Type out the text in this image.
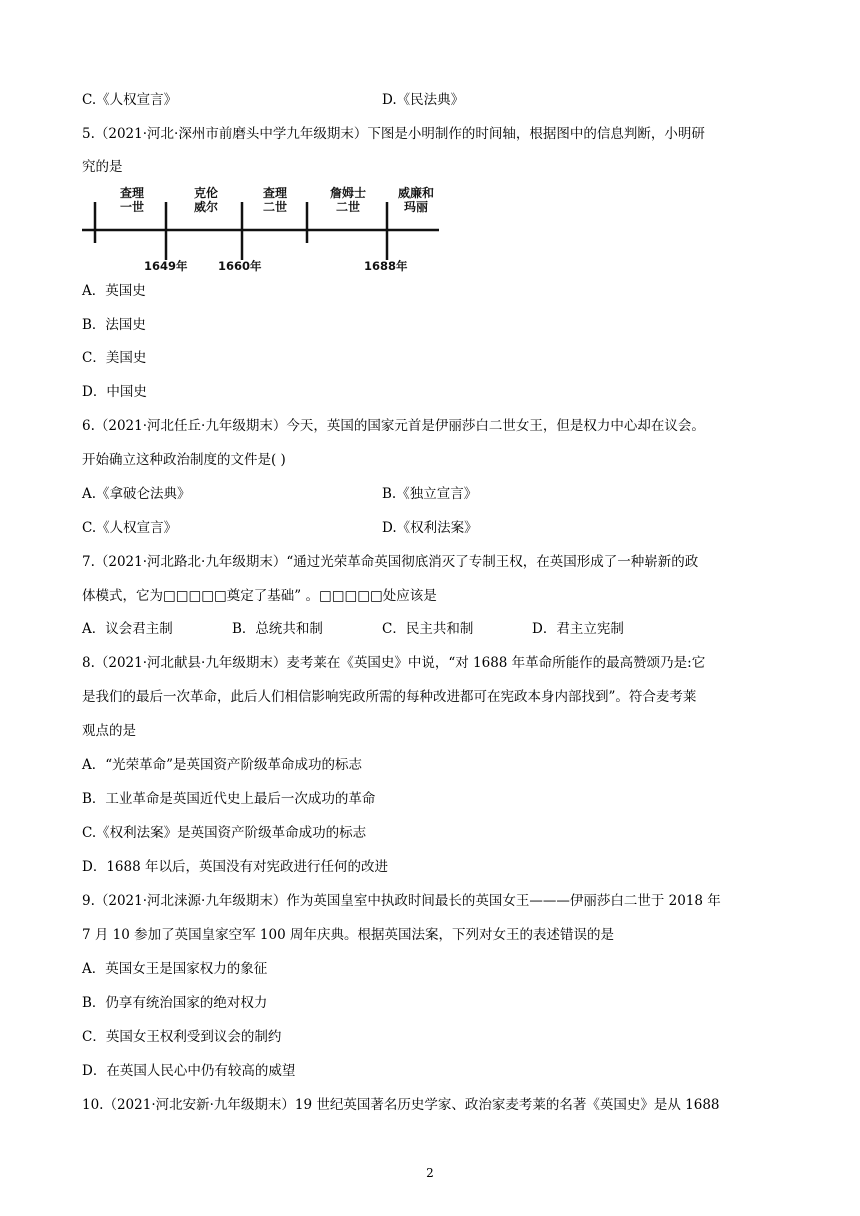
C.《人权宣言》	D.《民法典》
5.（2021·河北·深州市前磨头中学九年级期末）下图是小明制作的时间轴，根据图中的信息判断，小明研
究的是
查理
一世
克伦
威尔
查理
二世
詹姆士
二世
威廉和
玛丽
1649年	1660年	1688年
A．英国史
B．法国史
C．美国史
D．中国史
6.（2021·河北任丘·九年级期末）今天，英国的国家元首是伊丽莎白二世女王，但是权力中心却在议会。
开始确立这种政治制度的文件是( )
A.《拿破仑法典》	B.《独立宣言》
C.《人权宣言》	D.《权利法案》
7.（2021·河北路北·九年级期末）“通过光荣革命英国彻底消灭了专制王权，在英国形成了一种崭新的政
体模式，它为□□□□□奠定了基础” 。□□□□□处应该是
A．议会君主制	B．总统共和制	C．民主共和制	D．君主立宪制
8.（2021·河北献县·九年级期末）麦考莱在《英国史》中说，“对 1688 年革命所能作的最高赞颂乃是:它
是我们的最后一次革命，此后人们相信影响宪政所需的每种改进都可在宪政本身内部找到”。符合麦考莱
观点的是
A．“光荣革命”是英国资产阶级革命成功的标志
B．工业革命是英国近代史上最后一次成功的革命
C.《权利法案》是英国资产阶级革命成功的标志
D．1688 年以后，英国没有对宪政进行任何的改进
9.（2021·河北涞源·九年级期末）作为英国皇室中执政时间最长的英国女王———伊丽莎白二世于 2018 年
7 月 10 参加了英国皇家空军 100 周年庆典。根据英国法案，下列对女王的表述错误的是
A．英国女王是国家权力的象征
B．仍享有统治国家的绝对权力
C．英国女王权利受到议会的制约
D．在英国人民心中仍有较高的威望
10.（2021·河北安新·九年级期末）19 世纪英国著名历史学家、政治家麦考莱的名著《英国史》是从 1688
2
